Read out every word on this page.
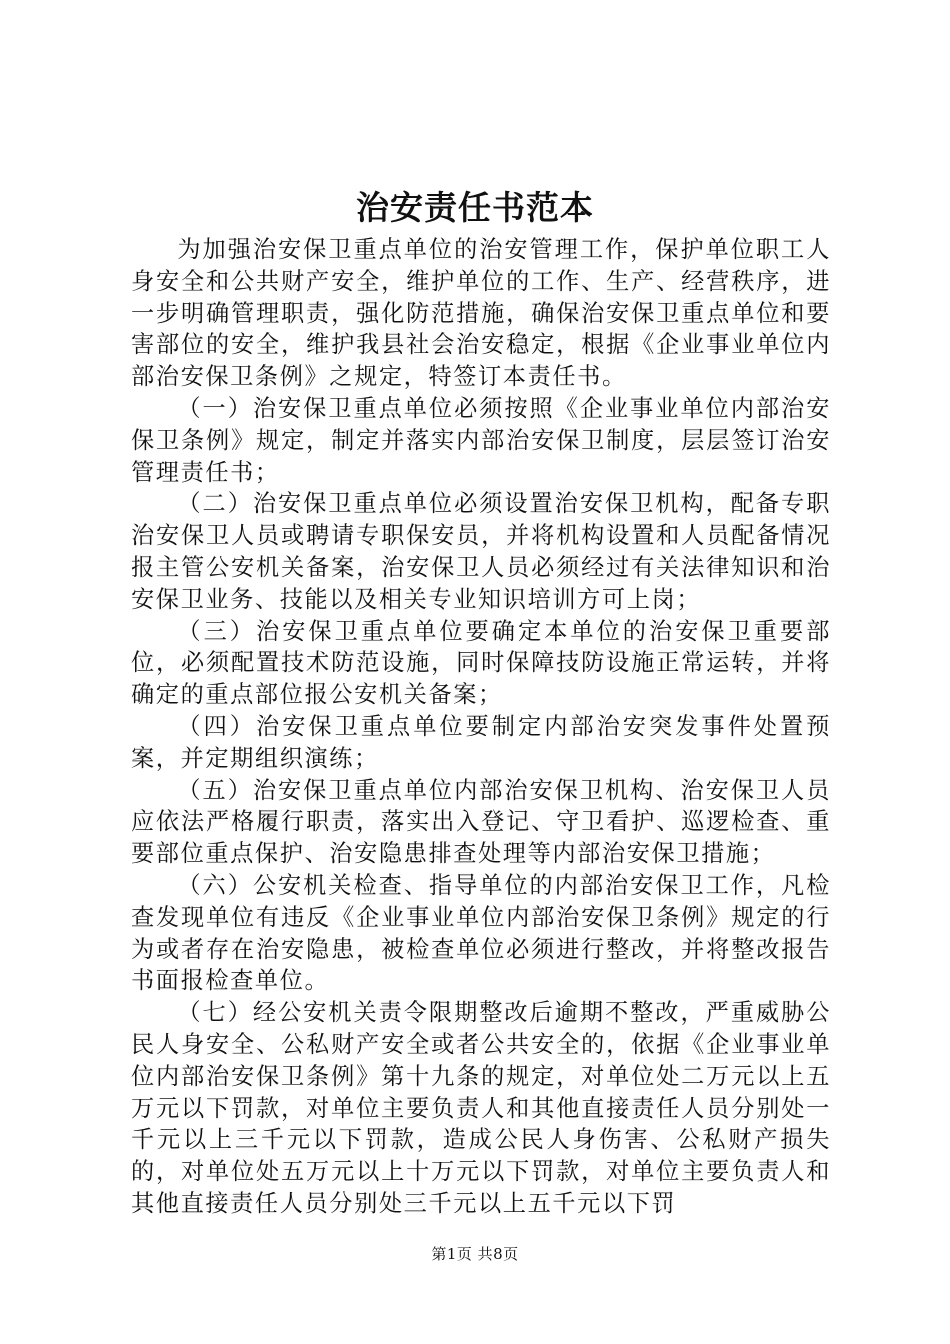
治安责任书范本

为加强治安保卫重点单位的治安管理工作，保护单位职工人身安全和公共财产安全，维护单位的工作、生产、经营秩序，进一步明确管理职责，强化防范措施，确保治安保卫重点单位和要害部位的安全，维护我县社会治安稳定，根据《企业事业单位内部治安保卫条例》之规定，特签订本责任书。

（一）治安保卫重点单位必须按照《企业事业单位内部治安保卫条例》规定，制定并落实内部治安保卫制度，层层签订治安管理责任书；

（二）治安保卫重点单位必须设置治安保卫机构，配备专职治安保卫人员或聘请专职保安员，并将机构设置和人员配备情况报主管公安机关备案，治安保卫人员必须经过有关法律知识和治安保卫业务、技能以及相关专业知识培训方可上岗；

（三）治安保卫重点单位要确定本单位的治安保卫重要部位，必须配置技术防范设施，同时保障技防设施正常运转，并将确定的重点部位报公安机关备案；

（四）治安保卫重点单位要制定内部治安突发事件处置预案，并定期组织演练；

（五）治安保卫重点单位内部治安保卫机构、治安保卫人员应依法严格履行职责，落实出入登记、守卫看护、巡逻检查、重要部位重点保护、治安隐患排查处理等内部治安保卫措施；

（六）公安机关检查、指导单位的内部治安保卫工作，凡检查发现单位有违反《企业事业单位内部治安保卫条例》规定的行为或者存在治安隐患，被检查单位必须进行整改，并将整改报告书面报检查单位。

（七）经公安机关责令限期整改后逾期不整改，严重威胁公民人身安全、公私财产安全或者公共安全的，依据《企业事业单位内部治安保卫条例》第十九条的规定，对单位处二万元以上五万元以下罚款，对单位主要负责人和其他直接责任人员分别处一千元以上三千元以下罚款，造成公民人身伤害、公私财产损失的，对单位处五万元以上十万元以下罚款，对单位主要负责人和其他直接责任人员分别处三千元以上五千元以下罚

第1页 共8页
